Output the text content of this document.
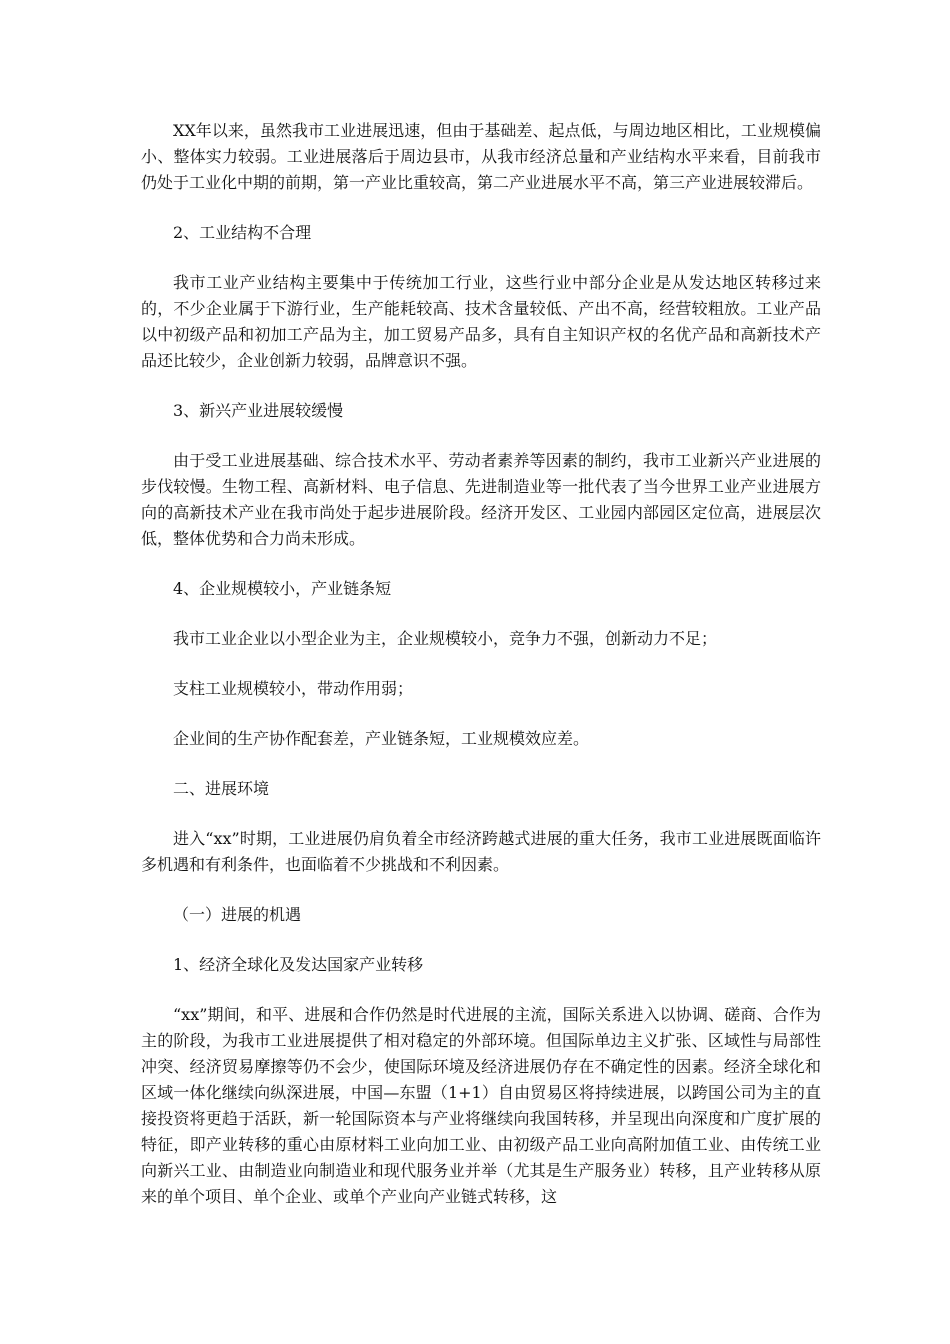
XX年以来，虽然我市工业进展迅速，但由于基础差、起点低，与周边地区相比，工业规模偏小、整体实力较弱。工业进展落后于周边县市，从我市经济总量和产业结构水平来看，目前我市仍处于工业化中期的前期，第一产业比重较高，第二产业进展水平不高，第三产业进展较滞后。

2、工业结构不合理

我市工业产业结构主要集中于传统加工行业，这些行业中部分企业是从发达地区转移过来的，不少企业属于下游行业，生产能耗较高、技术含量较低、产出不高，经营较粗放。工业产品以中初级产品和初加工产品为主，加工贸易产品多，具有自主知识产权的名优产品和高新技术产品还比较少，企业创新力较弱，品牌意识不强。

3、新兴产业进展较缓慢

由于受工业进展基础、综合技术水平、劳动者素养等因素的制约，我市工业新兴产业进展的步伐较慢。生物工程、高新材料、电子信息、先进制造业等一批代表了当今世界工业产业进展方向的高新技术产业在我市尚处于起步进展阶段。经济开发区、工业园内部园区定位高，进展层次低，整体优势和合力尚未形成。

4、企业规模较小，产业链条短

我市工业企业以小型企业为主，企业规模较小，竞争力不强，创新动力不足；

支柱工业规模较小，带动作用弱；

企业间的生产协作配套差，产业链条短，工业规模效应差。

二、进展环境

进入“xx”时期，工业进展仍肩负着全市经济跨越式进展的重大任务，我市工业进展既面临许多机遇和有利条件，也面临着不少挑战和不利因素。

（一）进展的机遇

1、经济全球化及发达国家产业转移

“xx”期间，和平、进展和合作仍然是时代进展的主流，国际关系进入以协调、磋商、合作为主的阶段，为我市工业进展提供了相对稳定的外部环境。但国际单边主义扩张、区域性与局部性冲突、经济贸易摩擦等仍不会少，使国际环境及经济进展仍存在不确定性的因素。经济全球化和区域一体化继续向纵深进展，中国—东盟（1+1）自由贸易区将持续进展，以跨国公司为主的直接投资将更趋于活跃，新一轮国际资本与产业将继续向我国转移，并呈现出向深度和广度扩展的特征，即产业转移的重心由原材料工业向加工业、由初级产品工业向高附加值工业、由传统工业向新兴工业、由制造业向制造业和现代服务业并举（尤其是生产服务业）转移，且产业转移从原来的单个项目、单个企业、或单个产业向产业链式转移，这
